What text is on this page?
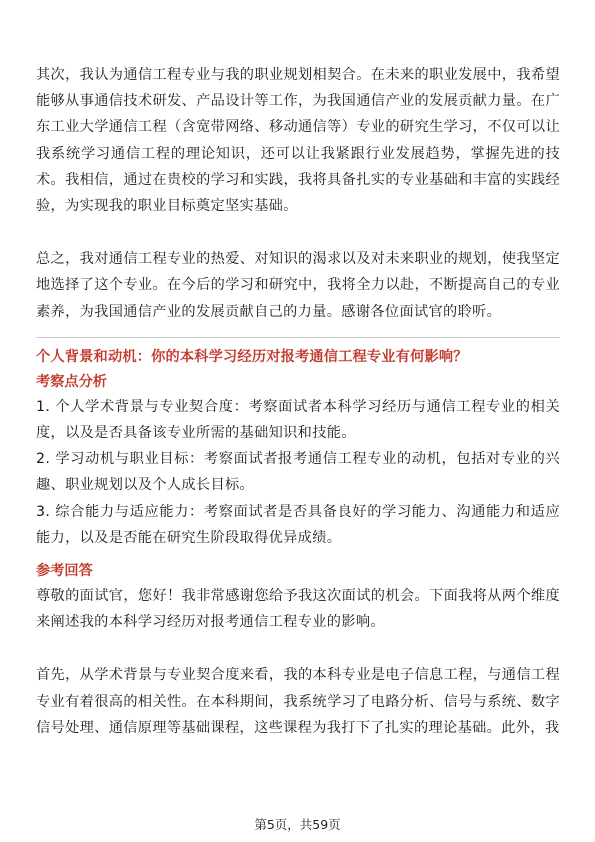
其次，我认为通信工程专业与我的职业规划相契合。在未来的职业发展中，我希望能够从事通信技术研发、产品设计等工作，为我国通信产业的发展贡献力量。在广东工业大学通信工程（含宽带网络、移动通信等）专业的研究生学习，不仅可以让我系统学习通信工程的理论知识，还可以让我紧跟行业发展趋势，掌握先进的技术。我相信，通过在贵校的学习和实践，我将具备扎实的专业基础和丰富的实践经验，为实现我的职业目标奠定坚实基础。

总之，我对通信工程专业的热爱、对知识的渴求以及对未来职业的规划，使我坚定地选择了这个专业。在今后的学习和研究中，我将全力以赴，不断提高自己的专业素养，为我国通信产业的发展贡献自己的力量。感谢各位面试官的聆听。

个人背景和动机：你的本科学习经历对报考通信工程专业有何影响？

考察点分析

1. 个人学术背景与专业契合度：考察面试者本科学习经历与通信工程专业的相关度，以及是否具备该专业所需的基础知识和技能。

2. 学习动机与职业目标：考察面试者报考通信工程专业的动机，包括对专业的兴趣、职业规划以及个人成长目标。

3. 综合能力与适应能力：考察面试者是否具备良好的学习能力、沟通能力和适应能力，以及是否能在研究生阶段取得优异成绩。

参考回答

尊敬的面试官，您好！我非常感谢您给予我这次面试的机会。下面我将从两个维度来阐述我的本科学习经历对报考通信工程专业的影响。

首先，从学术背景与专业契合度来看，我的本科专业是电子信息工程，与通信工程专业有着很高的相关性。在本科期间，我系统学习了电路分析、信号与系统、数字信号处理、通信原理等基础课程，这些课程为我打下了扎实的理论基础。此外，我

第5页，共59页
